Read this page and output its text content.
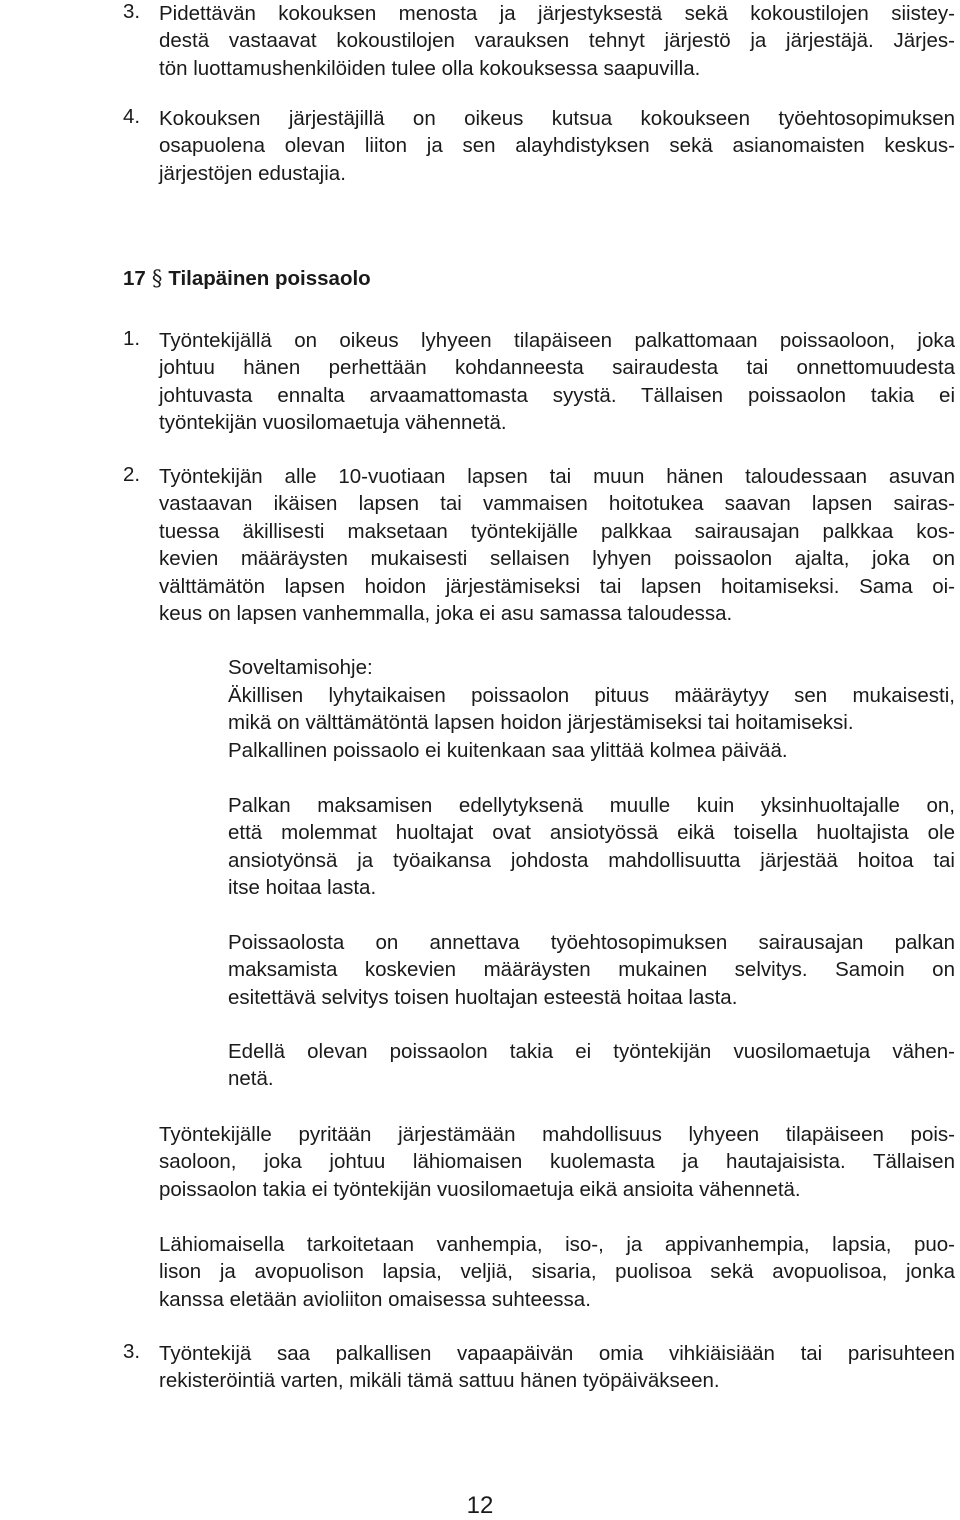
3. Pidettävän kokouksen menosta ja järjestyksestä sekä kokoustilojen siistey-
destä vastaavat kokoustilojen varauksen tehnyt järjestö ja järjestäjä. Järjes-
tön luottamushenkilöiden tulee olla kokouksessa saapuvilla.
4. Kokouksen järjestäjillä on oikeus kutsua kokoukseen työehtosopimuksen
osapuolena olevan liiton ja sen alayhdistyksen sekä asianomaisten keskus-
järjestöjen edustajia.
17 § Tilapäinen poissaolo
1. Työntekijällä on oikeus lyhyeen tilapäiseen palkattomaan poissaoloon, joka
johtuu hänen perhettään kohdanneesta sairaudesta tai onnettomuudesta
johtuvasta ennalta arvaamattomasta syystä. Tällaisen poissaolon takia ei
työntekijän vuosilomaetuja vähennetä.
2. Työntekijän alle 10-vuotiaan lapsen tai muun hänen taloudessaan asuvan
vastaavan ikäisen lapsen tai vammaisen hoitotukea saavan lapsen sairas-
tuessa äkillisesti maksetaan työntekijälle palkkaa sairausajan palkkaa kos-
kevien määräysten mukaisesti sellaisen lyhyen poissaolon ajalta, joka on
välttämätön lapsen hoidon järjestämiseksi tai lapsen hoitamiseksi. Sama oi-
keus on lapsen vanhemmalla, joka ei asu samassa taloudessa.
Soveltamisohje:
Äkillisen lyhytaikaisen poissaolon pituus määräytyy sen mukaisesti,
mikä on välttämätöntä lapsen hoidon järjestämiseksi tai hoitamiseksi.
Palkallinen poissaolo ei kuitenkaan saa ylittää kolmea päivää.
Palkan maksamisen edellytyksenä muulle kuin yksinhuoltajalle on,
että molemmat huoltajat ovat ansiotyössä eikä toisella huoltajista ole
ansiotyönsä ja työaikansa johdosta mahdollisuutta järjestää hoitoa tai
itse hoitaa lasta.
Poissaolosta on annettava työehtosopimuksen sairausajan palkan
maksamista koskevien määräysten mukainen selvitys. Samoin on
esitettävä selvitys toisen huoltajan esteestä hoitaa lasta.
Edellä olevan poissaolon takia ei työntekijän vuosilomaetuja vähen-
netä.
Työntekijälle pyritään järjestämään mahdollisuus lyhyeen tilapäiseen pois-
saoloon, joka johtuu lähiomaisen kuolemasta ja hautajaisista. Tällaisen
poissaolon takia ei työntekijän vuosilomaetuja eikä ansioita vähennetä.
Lähiomaisella tarkoitetaan vanhempia, iso-, ja appivanhempia, lapsia, puo-
lison ja avopuolison lapsia, veljiä, sisaria, puolisoa sekä avopuolisoa, jonka
kanssa eletään avioliiton omaisessa suhteessa.
3. Työntekijä saa palkallisen vapaapäivän omia vihkiäisiään tai parisuhteen
rekisteröintiä varten, mikäli tämä sattuu hänen työpäiväkseen.
12
